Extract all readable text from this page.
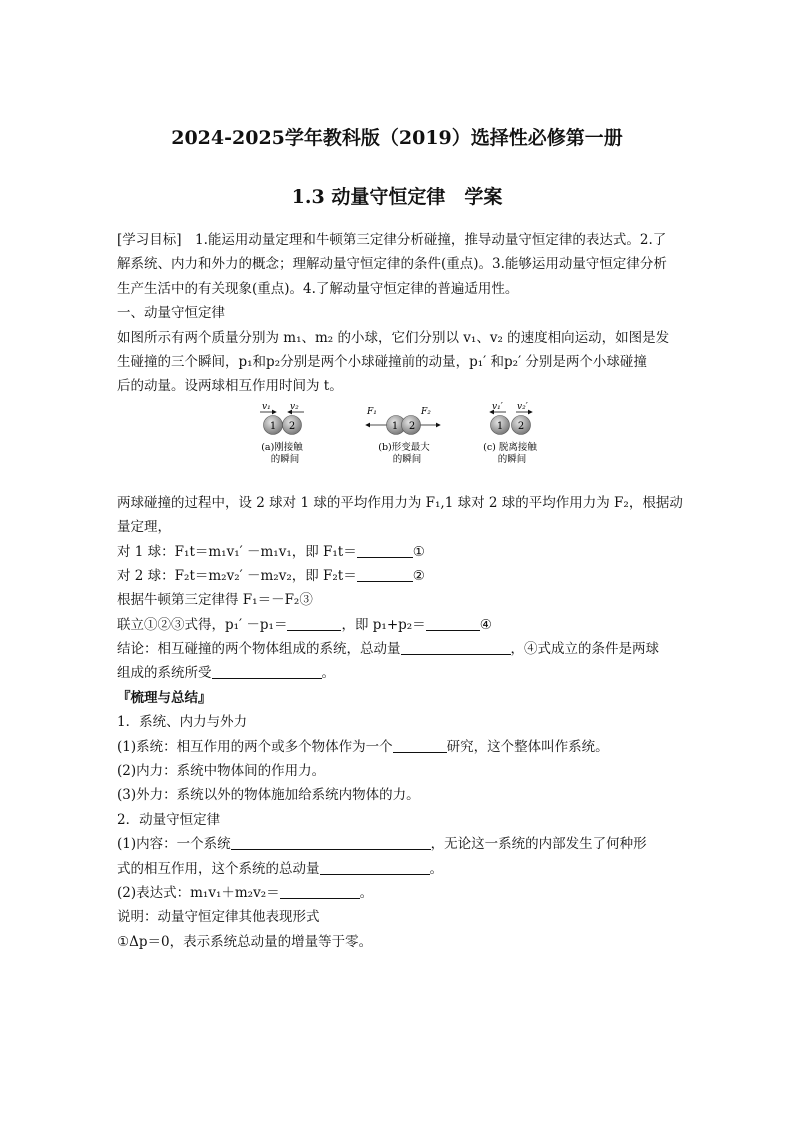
2024-2025学年教科版（2019）选择性必修第一册
1.3 动量守恒定律　学案
[学习目标]　1.能运用动量定理和牛顿第三定律分析碰撞，推导动量守恒定律的表达式。2.了
解系统、内力和外力的概念；理解动量守恒定律的条件(重点)。3.能够运用动量守恒定律分析
生产生活中的有关现象(重点)。4.了解动量守恒定律的普遍适用性。
一、动量守恒定律
如图所示有两个质量分别为 m₁、m₂ 的小球，它们分别以 v₁、v₂ 的速度相向运动，如图是发
生碰撞的三个瞬间，p₁和p₂分别是两个小球碰撞前的动量，p₁′ 和p₂′ 分别是两个小球碰撞
后的动量。设两球相互作用时间为 t。
v₁ v₂
1 2
(a)刚接触
的瞬间
F₁	F₂
1 2
(b)形变最大
的瞬间
v₁′ v₂′
1 2
(c) 脱离接触
的瞬间
两球碰撞的过程中，设 2 球对 1 球的平均作用力为 F₁,1 球对 2 球的平均作用力为 F₂，根据动
量定理，
对 1 球：F₁t＝m₁v₁′ －m₁v₁，即 F₁t＝	①
对 2 球：F₂t＝m₂v₂′ －m₂v₂，即 F₂t＝	②
根据牛顿第三定律得 F₁＝－F₂③
联立①②③式得，p₁′ －p₁＝	，即 p₁+p₂＝	④
结论：相互碰撞的两个物体组成的系统，总动量	，④式成立的条件是两球
组成的系统所受	。
『梳理与总结』
1．系统、内力与外力
(1)系统：相互作用的两个或多个物体作为一个	研究，这个整体叫作系统。
(2)内力：系统中物体间的作用力。
(3)外力：系统以外的物体施加给系统内物体的力。
2．动量守恒定律
(1)内容：一个系统	，无论这一系统的内部发生了何种形
式的相互作用，这个系统的总动量	。
(2)表达式：m₁v₁＋m₂v₂＝	。
说明：动量守恒定律其他表现形式
①Δp＝0，表示系统总动量的增量等于零。
